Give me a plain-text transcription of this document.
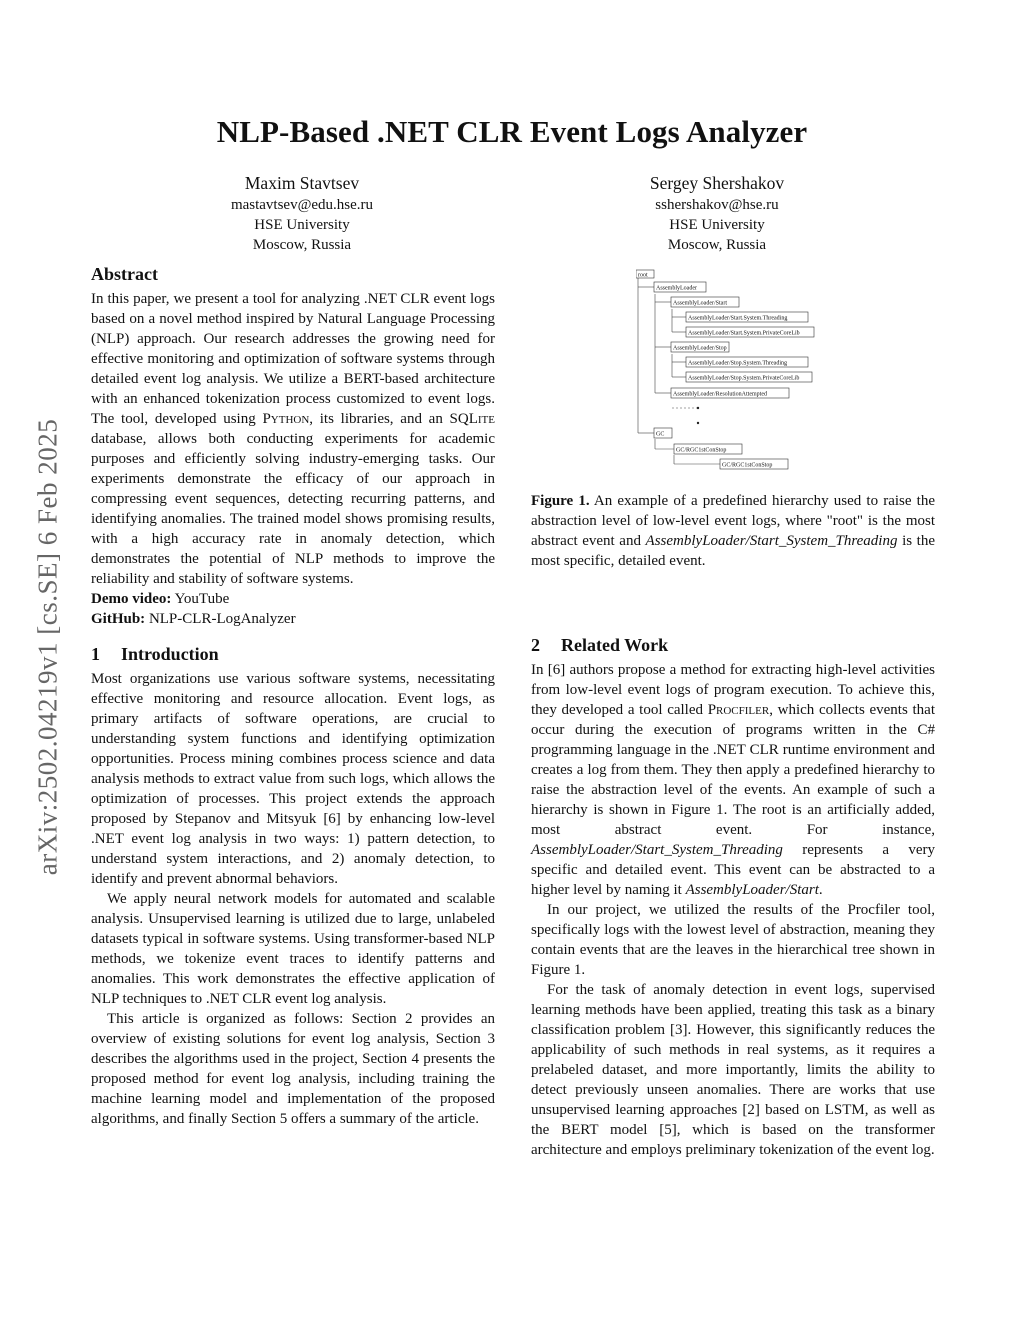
arXiv:2502.04219v1 [cs.SE] 6 Feb 2025
NLP-Based .NET CLR Event Logs Analyzer
Maxim Stavtsev
mastavtsev@edu.hse.ru
HSE University
Moscow, Russia
Sergey Shershakov
sshershakov@hse.ru
HSE University
Moscow, Russia
Abstract

In this paper, we present a tool for analyzing .NET CLR event logs based on a novel method inspired by Natural Language Processing (NLP) approach. Our research addresses the growing need for effective monitoring and optimization of software systems through detailed event log analysis. We utilize a BERT-based architecture with an enhanced tokenization process customized to event logs. The tool, developed using Python, its libraries, and an SQLite database, allows both conducting experiments for academic purposes and efficiently solving industry-emerging tasks. Our experiments demonstrate the efficacy of our approach in compressing event sequences, detecting recurring patterns, and identifying anomalies. The trained model shows promising results, with a high accuracy rate in anomaly detection, which demonstrates the potential of NLP methods to improve the reliability and stability of software systems.

Demo video: YouTube

GitHub: NLP-CLR-LogAnalyzer

1 Introduction

Most organizations use various software systems, necessitating effective monitoring and resource allocation. Event logs, as primary artifacts of software operations, are crucial to understanding system functions and identifying optimization opportunities. Process mining combines process science and data analysis methods to extract value from such logs, which allows the optimization of processes. This project extends the approach proposed by Stepanov and Mitsyuk [6] by enhancing low-level .NET event log analysis in two ways: 1) pattern detection, to understand system interactions, and 2) anomaly detection, to identify and prevent abnormal behaviors.

We apply neural network models for automated and scalable analysis. Unsupervised learning is utilized due to large, unlabeled datasets typical in software systems. Using transformer-based NLP methods, we tokenize event traces to identify patterns and anomalies. This work demonstrates the effective application of NLP techniques to .NET CLR event log analysis.

This article is organized as follows: Section 2 provides an overview of existing solutions for event log analysis, Section 3 describes the algorithms used in the project, Section 4 presents the proposed method for event log analysis, including training the machine learning model and implementation of the proposed algorithms, and finally Section 5 offers a summary of the article.

root
AssemblyLoader
AssemblyLoader/Start
AssemblyLoader/Start.System.Threading
AssemblyLoader/Start.System.PrivateCoreLib
AssemblyLoader/Stop
AssemblyLoader/Stop.System.Threading
AssemblyLoader/Stop.System.PrivateCoreLib
AssemblyLoader/ResolutionAttempted
GC
GC/RGC1stConStop
GC/RGC1stConStop
Figure 1. An example of a predefined hierarchy used to raise the abstraction level of low-level event logs, where "root" is the most abstract event and AssemblyLoader/Start_System_Threading is the most specific, detailed event.
2 Related Work

In [6] authors propose a method for extracting high-level activities from low-level event logs of program execution. To achieve this, they developed a tool called Procfiler, which collects events that occur during the execution of programs written in the C# programming language in the .NET CLR runtime environment and creates a log from them. They then apply a predefined hierarchy to raise the abstraction level of the events. An example of such a hierarchy is shown in Figure 1. The root is an artificially added, most abstract event. For instance, AssemblyLoader/Start_System_Threading represents a very specific and detailed event. This event can be abstracted to a higher level by naming it AssemblyLoader/Start.

In our project, we utilized the results of the Procfiler tool, specifically logs with the lowest level of abstraction, meaning they contain events that are the leaves in the hierarchical tree shown in Figure 1.

For the task of anomaly detection in event logs, supervised learning methods have been applied, treating this task as a binary classification problem [3]. However, this significantly reduces the applicability of such methods in real systems, as it requires a prelabeled dataset, and more importantly, limits the ability to detect previously unseen anomalies. There are works that use unsupervised learning approaches [2] based on LSTM, as well as the BERT model [5], which is based on the transformer architecture and employs preliminary tokenization of the event log.
